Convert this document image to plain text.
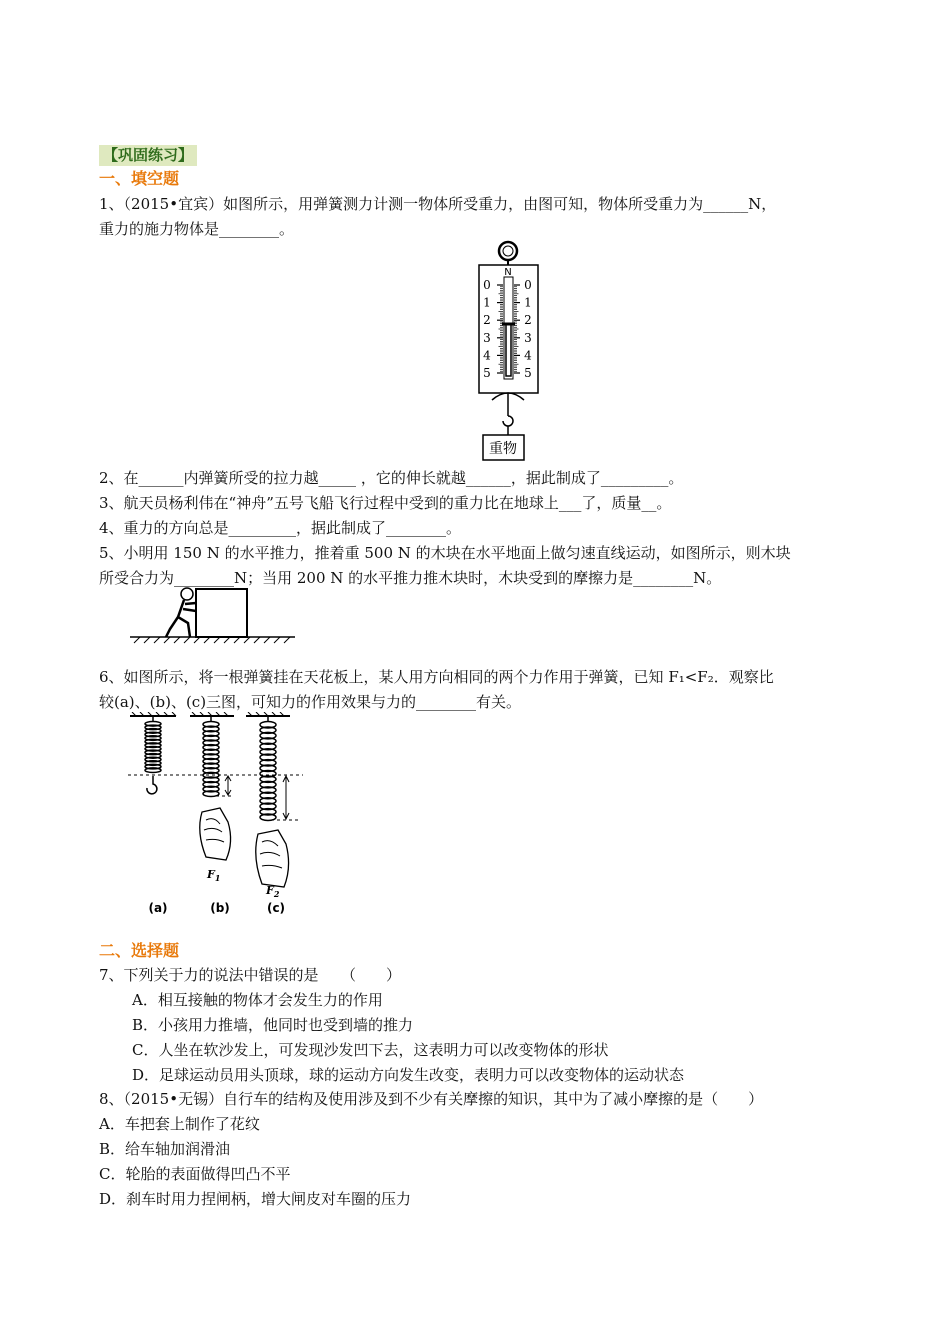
【巩固练习】
一、填空题
1、（2015•宜宾）如图所示，用弹簧测力计测一物体所受重力，由图可知，物体所受重力为______N，
重力的施力物体是________。
N
0	0
1	1
2	2
3	3
4	4
5	5
重物
2、在______内弹簧所受的拉力越_____ ，它的伸长就越______，据此制成了_________。
3、航天员杨利伟在“神舟”五号飞船飞行过程中受到的重力比在地球上___了，质量__。
4、重力的方向总是_________，据此制成了________。
5、小明用 150 N 的水平推力，推着重 500 N 的木块在水平地面上做匀速直线运动，如图所示，则木块
所受合力为________N；当用 200 N 的水平推力推木块时，木块受到的摩擦力是________N。
6、如图所示，将一根弹簧挂在天花板上，某人用方向相同的两个力作用于弹簧，已知 F₁<F₂．观察比
较(a)、(b)、(c)三图，可知力的作用效果与力的________有关。
$F_1$
$F_2$
(a)	(b)	(c)
二、选择题
7、下列关于力的说法中错误的是　　（　　）
A．相互接触的物体才会发生力的作用
B．小孩用力推墙，他同时也受到墙的推力
C．人坐在软沙发上，可发现沙发凹下去，这表明力可以改变物体的形状
D．足球运动员用头顶球，球的运动方向发生改变，表明力可以改变物体的运动状态
8、（2015•无锡）自行车的结构及使用涉及到不少有关摩擦的知识，其中为了减小摩擦的是（　　）
A．车把套上制作了花纹
B．给车轴加润滑油
C．轮胎的表面做得凹凸不平
D．刹车时用力捏闸柄，增大闸皮对车圈的压力
